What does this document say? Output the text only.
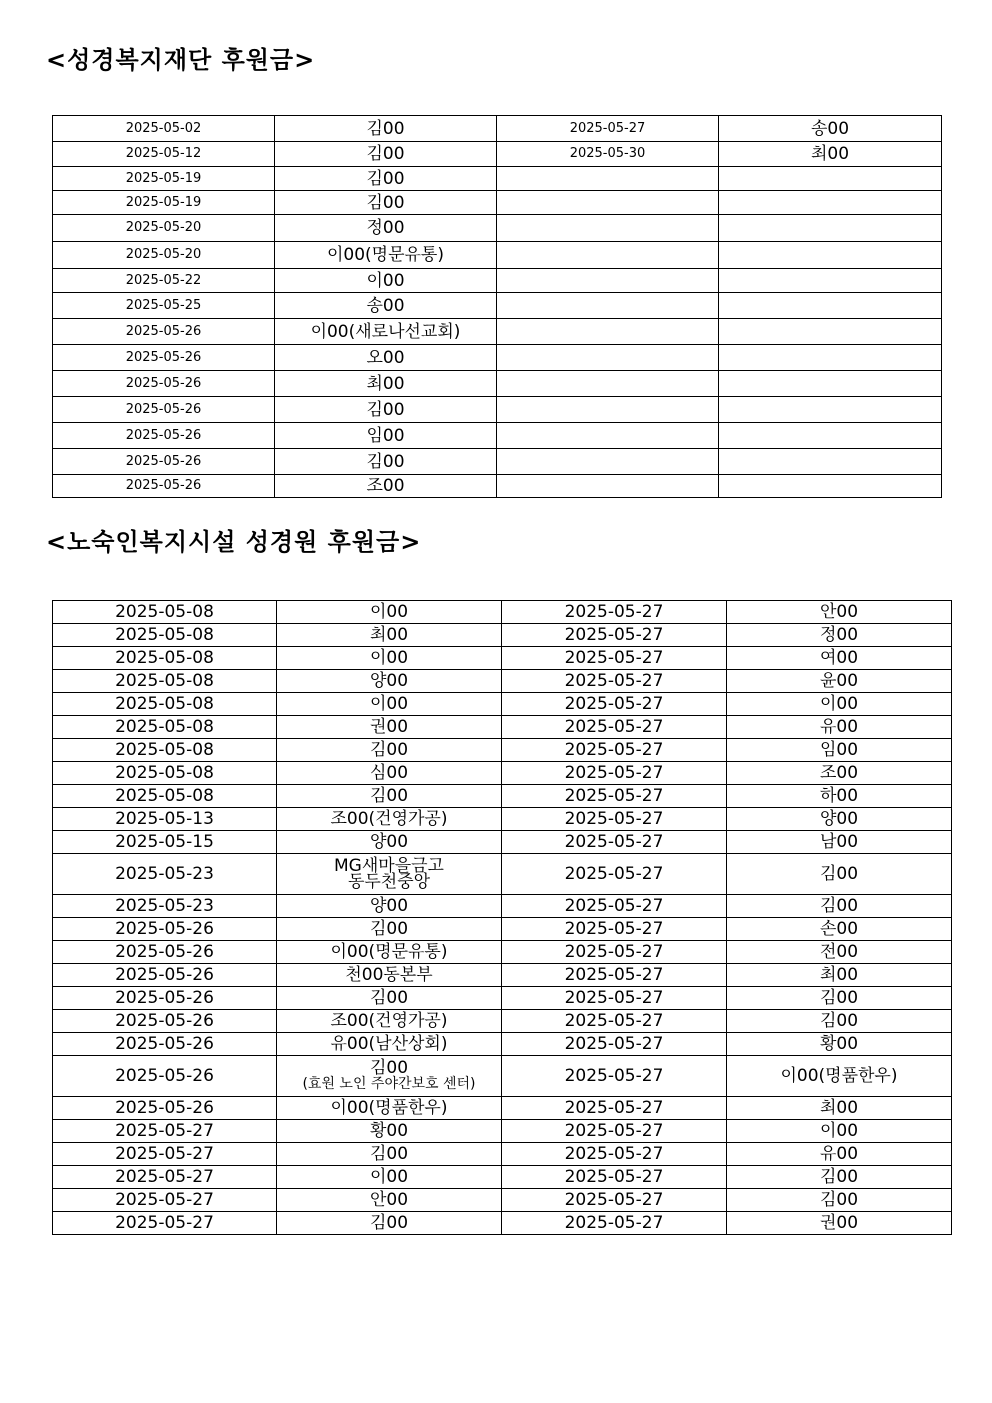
<성경복지재단 후원금>
2025-05-02	김00	2025-05-27	송00
2025-05-12	김00	2025-05-30	최00
2025-05-19	김00		
2025-05-19	김00		
2025-05-20	정00		
2025-05-20	이00(명문유통)		
2025-05-22	이00		
2025-05-25	송00		
2025-05-26	이00(새로나선교회)		
2025-05-26	오00		
2025-05-26	최00		
2025-05-26	김00		
2025-05-26	임00		
2025-05-26	김00		
2025-05-26	조00		
<노숙인복지시설 성경원 후원금>
2025-05-08	이00	2025-05-27	안00
2025-05-08	최00	2025-05-27	정00
2025-05-08	이00	2025-05-27	여00
2025-05-08	양00	2025-05-27	윤00
2025-05-08	이00	2025-05-27	이00
2025-05-08	권00	2025-05-27	유00
2025-05-08	김00	2025-05-27	임00
2025-05-08	심00	2025-05-27	조00
2025-05-08	김00	2025-05-27	하00
2025-05-13	조00(건영가공)	2025-05-27	양00
2025-05-15	양00	2025-05-27	남00
2025-05-23	MG새마을금고
동두천중앙	2025-05-27	김00
2025-05-23	양00	2025-05-27	김00
2025-05-26	김00	2025-05-27	손00
2025-05-26	이00(명문유통)	2025-05-27	전00
2025-05-26	천00동본부	2025-05-27	최00
2025-05-26	김00	2025-05-27	김00
2025-05-26	조00(건영가공)	2025-05-27	김00
2025-05-26	유00(남산상회)	2025-05-27	황00
2025-05-26	김00
(효원 노인 주야간보호 센터)	2025-05-27	이00(명품한우)
2025-05-26	이00(명품한우)	2025-05-27	최00
2025-05-27	황00	2025-05-27	이00
2025-05-27	김00	2025-05-27	유00
2025-05-27	이00	2025-05-27	김00
2025-05-27	안00	2025-05-27	김00
2025-05-27	김00	2025-05-27	권00
